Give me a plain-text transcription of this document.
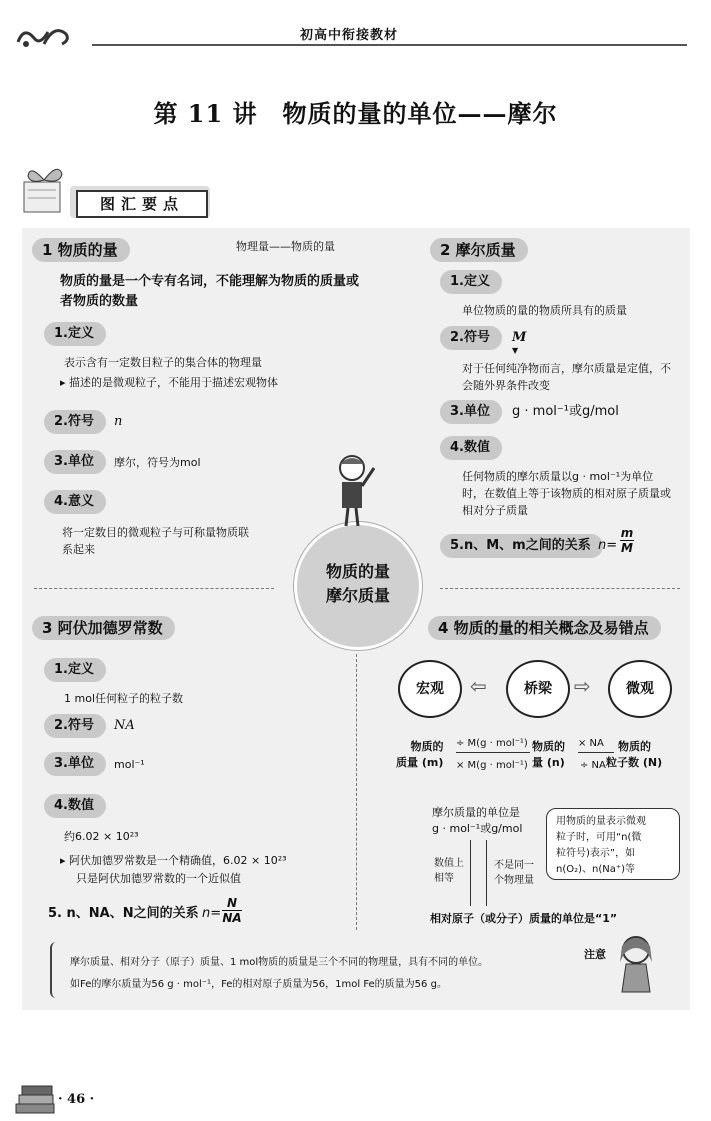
初高中衔接教材
第 11 讲　物质的量的单位——摩尔
图汇要点
物质的量
摩尔质量
1 物质的量	物理量——物质的量
物质的量是一个专有名词，不能理解为物质的质量或者物质的数量
1.定义
表示含有一定数目粒子的集合体的物理量
▸ 描述的是微观粒子，不能用于描述宏观物体
2.符号	n
3.单位	摩尔，符号为mol
4.意义
将一定数目的微观粒子与可称量物质联系起来
2 摩尔质量
1.定义
单位物质的量的物质所具有的质量
2.符号	M
▼
对于任何纯净物而言，摩尔质量是定值，不会随外界条件改变
3.单位	g · mol⁻¹或g/mol
4.数值
任何物质的摩尔质量以g · mol⁻¹为单位时，在数值上等于该物质的相对原子质量或相对分子质量
5.n、M、m之间的关系 $n= \frac{m}{M}$
3 阿伏加德罗常数
1.定义
1 mol任何粒子的粒子数
2.符号	NA
3.单位	mol⁻¹
4.数值
约6.02 × 10²³
▸ 阿伏加德罗常数是一个精确值，6.02 × 10²³
只是阿伏加德罗常数的一个近似值
5. n、NA、N之间的关系 $n= \frac{N}{NA}$
4 物质的量的相关概念及易错点
宏观	⇦	桥梁	⇨	微观
物质的
质量 (m)
÷ M(g · mol⁻¹)
× M(g · mol⁻¹)
物质的
量 (n)
× NA
÷ NA
物质的
粒子数 (N)
摩尔质量的单位是
g · mol⁻¹或g/mol
数值上
相等
不是同一
个物理量
用物质的量表示微观
粒子时，可用“n(微
粒符号)表示”，如
n(O₂)、n(Na⁺)等
相对原子（或分子）质量的单位是“1”
摩尔质量、相对分子（原子）质量、1 mol物质的质量是三个不同的物理量，具有不同的单位。
如Fe的摩尔质量为56 g · mol⁻¹，Fe的相对原子质量为56，1mol Fe的质量为56 g。
注意
· 46 ·
